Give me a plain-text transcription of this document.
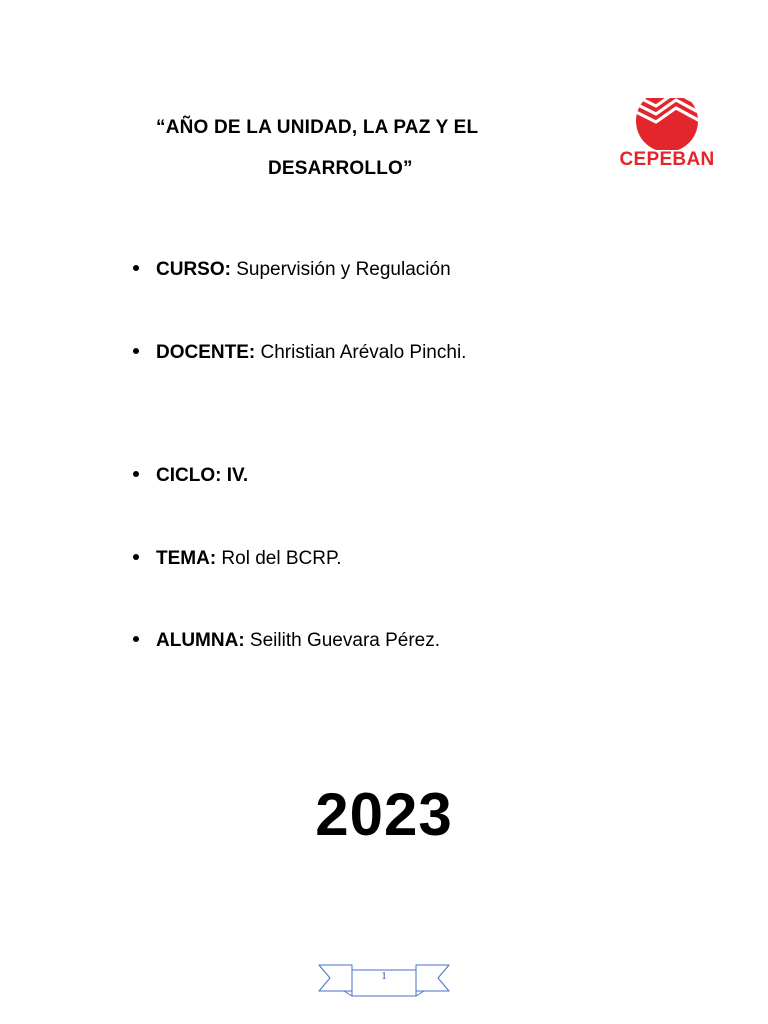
“AÑO DE LA UNIDAD, LA PAZ Y EL
DESARROLLO”	CEPEBAN
CURSO: Supervisión y Regulación
DOCENTE: Christian Arévalo Pinchi.
CICLO: IV.
TEMA: Rol del BCRP.
ALUMNA: Seilith Guevara Pérez.
2023
1
